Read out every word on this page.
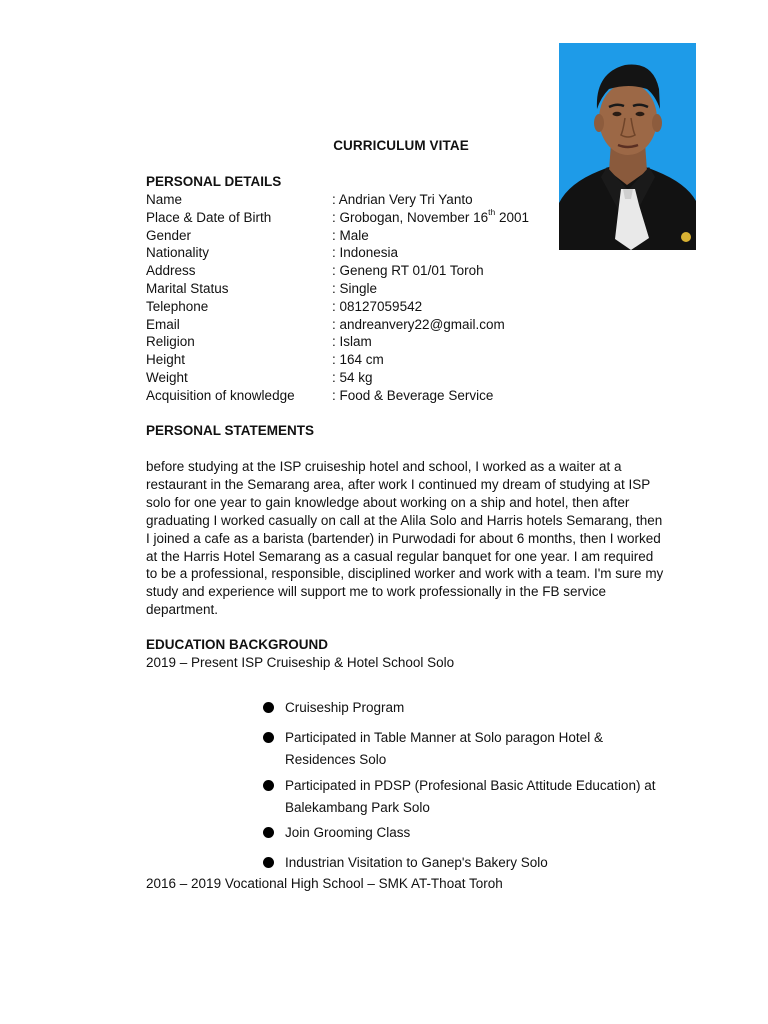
CURRICULUM VITAE
PERSONAL DETAILS
Name	: Andrian Very Tri Yanto
Place & Date of Birth	: Grobogan, November 16th 2001
Gender	: Male
Nationality	: Indonesia
Address	: Geneng RT 01/01 Toroh
Marital Status	: Single
Telephone	: 08127059542
Email	: andreanvery22@gmail.com
Religion	: Islam
Height	: 164 cm
Weight	: 54 kg
Acquisition of knowledge	: Food & Beverage Service
PERSONAL STATEMENTS
before studying at the ISP cruiseship hotel and school, I worked as a waiter at a restaurant in the Semarang area, after work I continued my dream of studying at ISP solo for one year to gain knowledge about working on a ship and hotel, then after graduating I worked casually on call at the Alila Solo and Harris hotels Semarang, then I joined a cafe as a barista (bartender) in Purwodadi for about 6 months, then I worked at the Harris Hotel Semarang as a casual regular banquet for one year. I am required to be a professional, responsible, disciplined worker and work with a team. I'm sure my study and experience will support me to work professionally in the FB service department.
EDUCATION BACKGROUND
2019 – Present ISP Cruiseship & Hotel School Solo
Cruiseship Program
Participated in Table Manner at Solo paragon Hotel & Residences Solo
Participated in PDSP (Profesional Basic Attitude Education) at Balekambang Park Solo
Join Grooming Class
Industrian Visitation to Ganep's Bakery Solo
2016 – 2019 Vocational High School – SMK AT-Thoat Toroh
